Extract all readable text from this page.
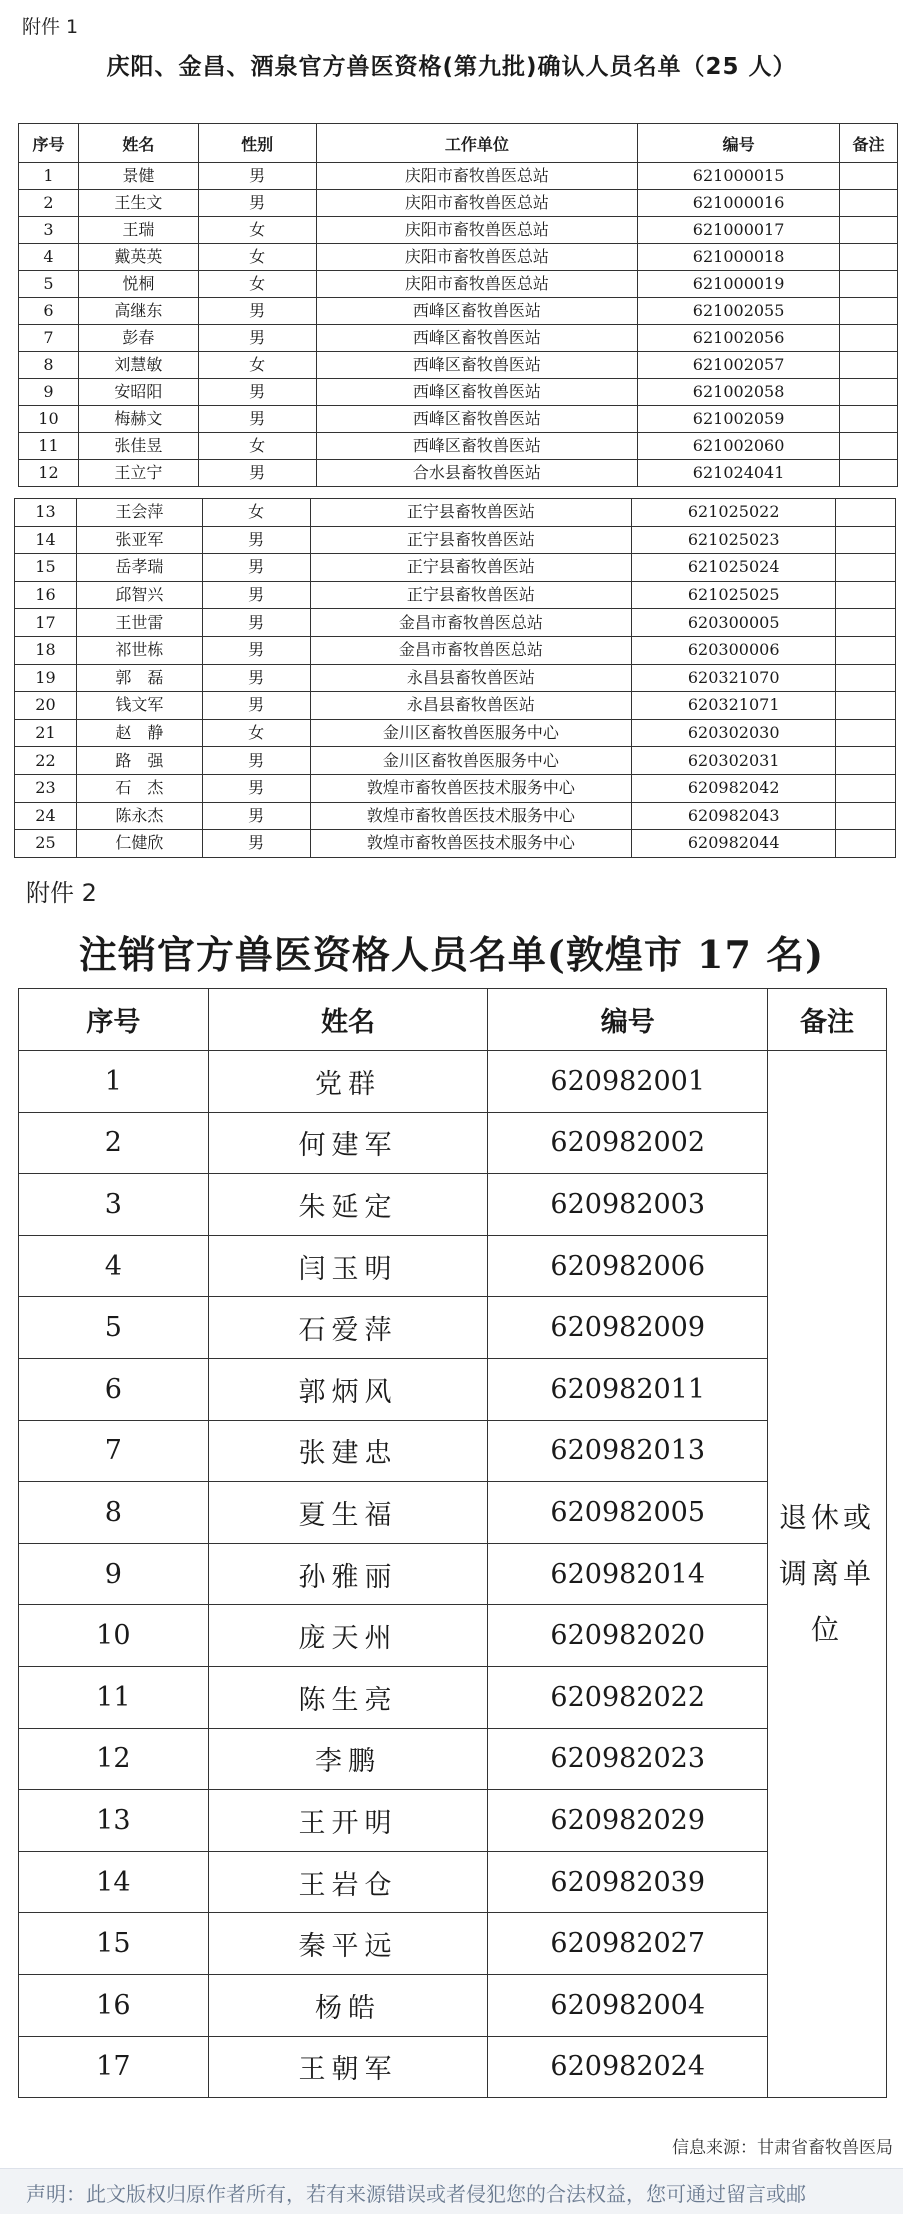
附件 1
庆阳、金昌、酒泉官方兽医资格(第九批)确认人员名单（25 人）
序号	姓名	性别	工作单位	编号	备注
1	景健	男	庆阳市畜牧兽医总站	621000015	
2	王生文	男	庆阳市畜牧兽医总站	621000016	
3	王瑞	女	庆阳市畜牧兽医总站	621000017	
4	戴英英	女	庆阳市畜牧兽医总站	621000018	
5	悦桐	女	庆阳市畜牧兽医总站	621000019	
6	高继东	男	西峰区畜牧兽医站	621002055	
7	彭春	男	西峰区畜牧兽医站	621002056	
8	刘慧敏	女	西峰区畜牧兽医站	621002057	
9	安昭阳	男	西峰区畜牧兽医站	621002058	
10	梅赫文	男	西峰区畜牧兽医站	621002059	
11	张佳昱	女	西峰区畜牧兽医站	621002060	
12	王立宁	男	合水县畜牧兽医站	621024041	
13	王会萍	女	正宁县畜牧兽医站	621025022	
14	张亚军	男	正宁县畜牧兽医站	621025023	
15	岳孝瑞	男	正宁县畜牧兽医站	621025024	
16	邱智兴	男	正宁县畜牧兽医站	621025025	
17	王世雷	男	金昌市畜牧兽医总站	620300005	
18	祁世栋	男	金昌市畜牧兽医总站	620300006	
19	郭　磊	男	永昌县畜牧兽医站	620321070	
20	钱文军	男	永昌县畜牧兽医站	620321071	
21	赵　静	女	金川区畜牧兽医服务中心	620302030	
22	路　强	男	金川区畜牧兽医服务中心	620302031	
23	石　杰	男	敦煌市畜牧兽医技术服务中心	620982042	
24	陈永杰	男	敦煌市畜牧兽医技术服务中心	620982043	
25	仁健欣	男	敦煌市畜牧兽医技术服务中心	620982044	
附件 2
注销官方兽医资格人员名单(敦煌市 17 名)
序号	姓名	编号	备注
1	党群	620982001	退休或调离单位
2	何建军	620982002	
3	朱延定	620982003	
4	闫玉明	620982006	
5	石爱萍	620982009	
6	郭炳风	620982011	
7	张建忠	620982013	
8	夏生福	620982005	
9	孙雅丽	620982014	
10	庞天州	620982020	
11	陈生亮	620982022	
12	李鹏	620982023	
13	王开明	620982029	
14	王岩仓	620982039	
15	秦平远	620982027	
16	杨皓	620982004	
17	王朝军	620982024	
信息来源：甘肃省畜牧兽医局
声明：此文版权归原作者所有，若有来源错误或者侵犯您的合法权益，您可通过留言或邮
